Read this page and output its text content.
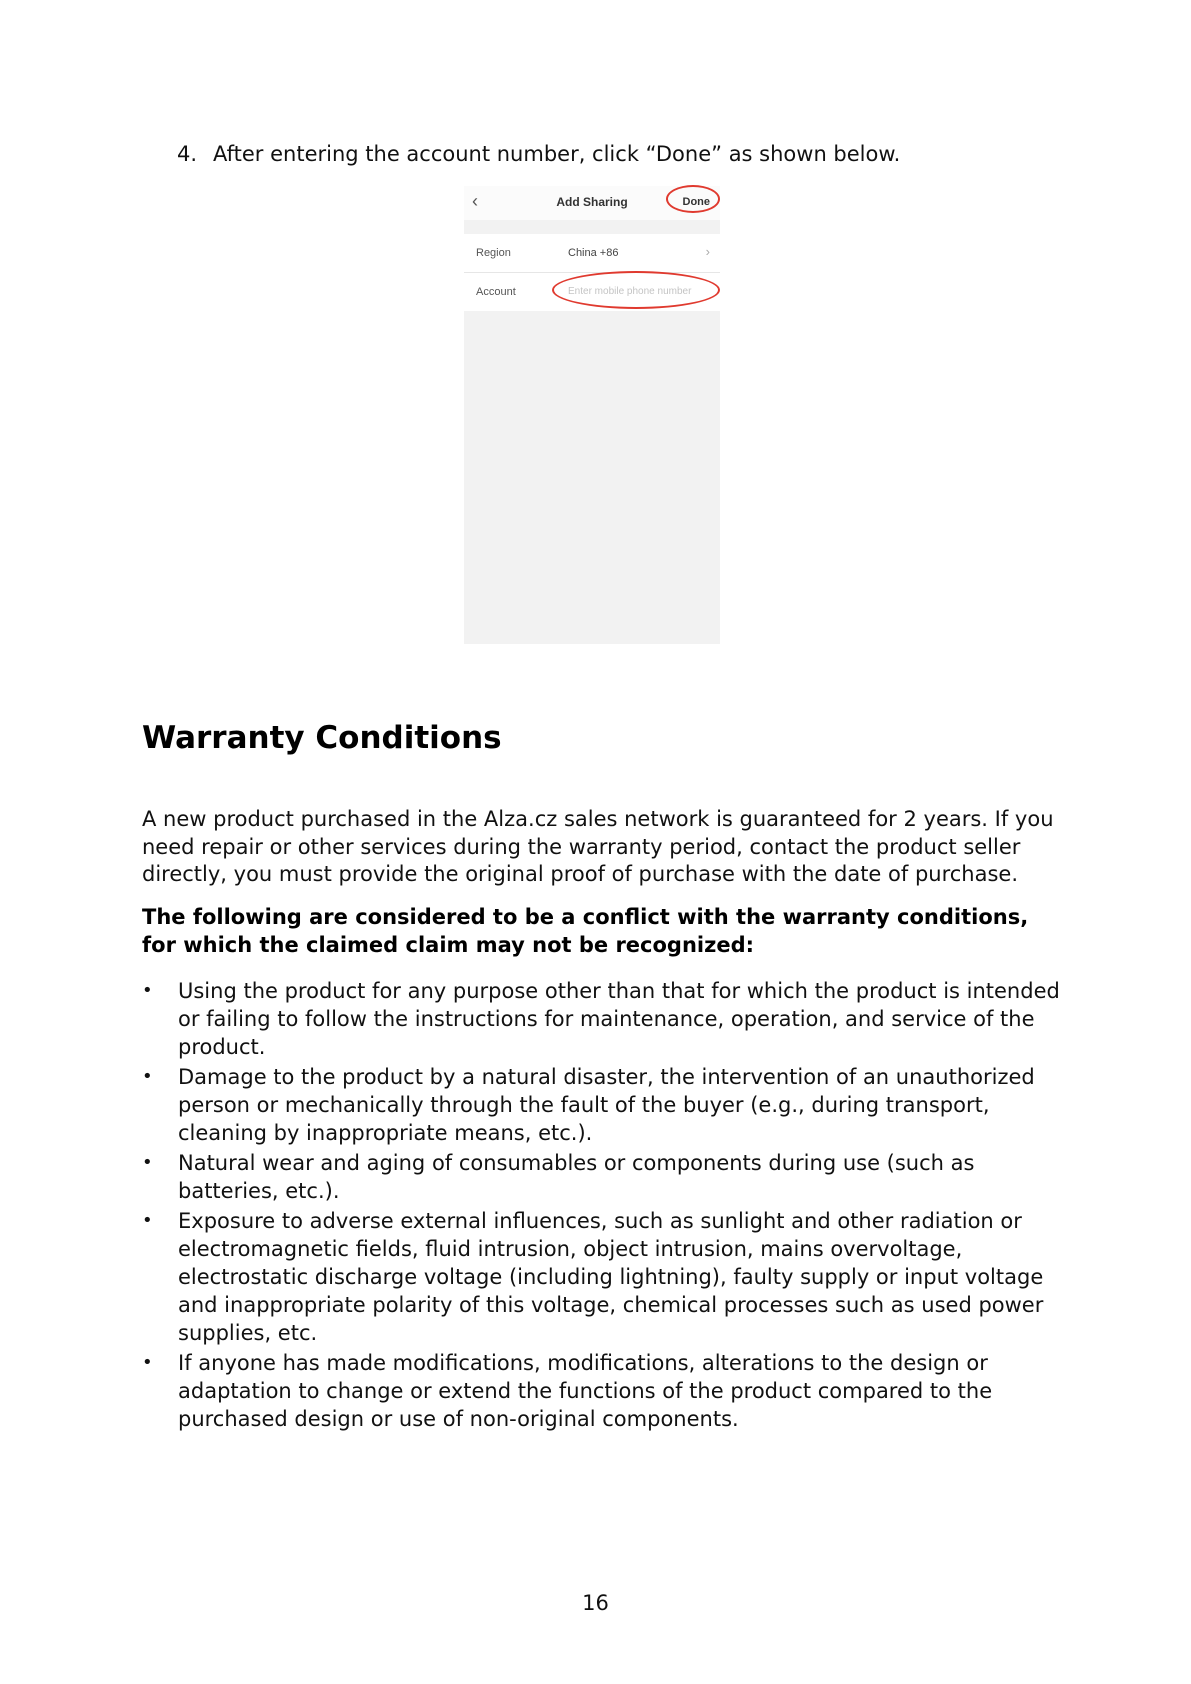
4. After entering the account number, click “Done” as shown below.
‹	Add Sharing	Done
Region	China +86	›
Account	Enter mobile phone number
Warranty Conditions

A new product purchased in the Alza.cz sales network is guaranteed for 2 years. If you need repair or other services during the warranty period, contact the product seller directly, you must provide the original proof of purchase with the date of purchase.

The following are considered to be a conflict with the warranty conditions, for which the claimed claim may not be recognized:

• Using the product for any purpose other than that for which the product is intended or failing to follow the instructions for maintenance, operation, and service of the product.
• Damage to the product by a natural disaster, the intervention of an unauthorized person or mechanically through the fault of the buyer (e.g., during transport, cleaning by inappropriate means, etc.).
• Natural wear and aging of consumables or components during use (such as batteries, etc.).
• Exposure to adverse external influences, such as sunlight and other radiation or electromagnetic fields, fluid intrusion, object intrusion, mains overvoltage, electrostatic discharge voltage (including lightning), faulty supply or input voltage and inappropriate polarity of this voltage, chemical processes such as used power supplies, etc.
• If anyone has made modifications, modifications, alterations to the design or adaptation to change or extend the functions of the product compared to the purchased design or use of non-original components.
16
